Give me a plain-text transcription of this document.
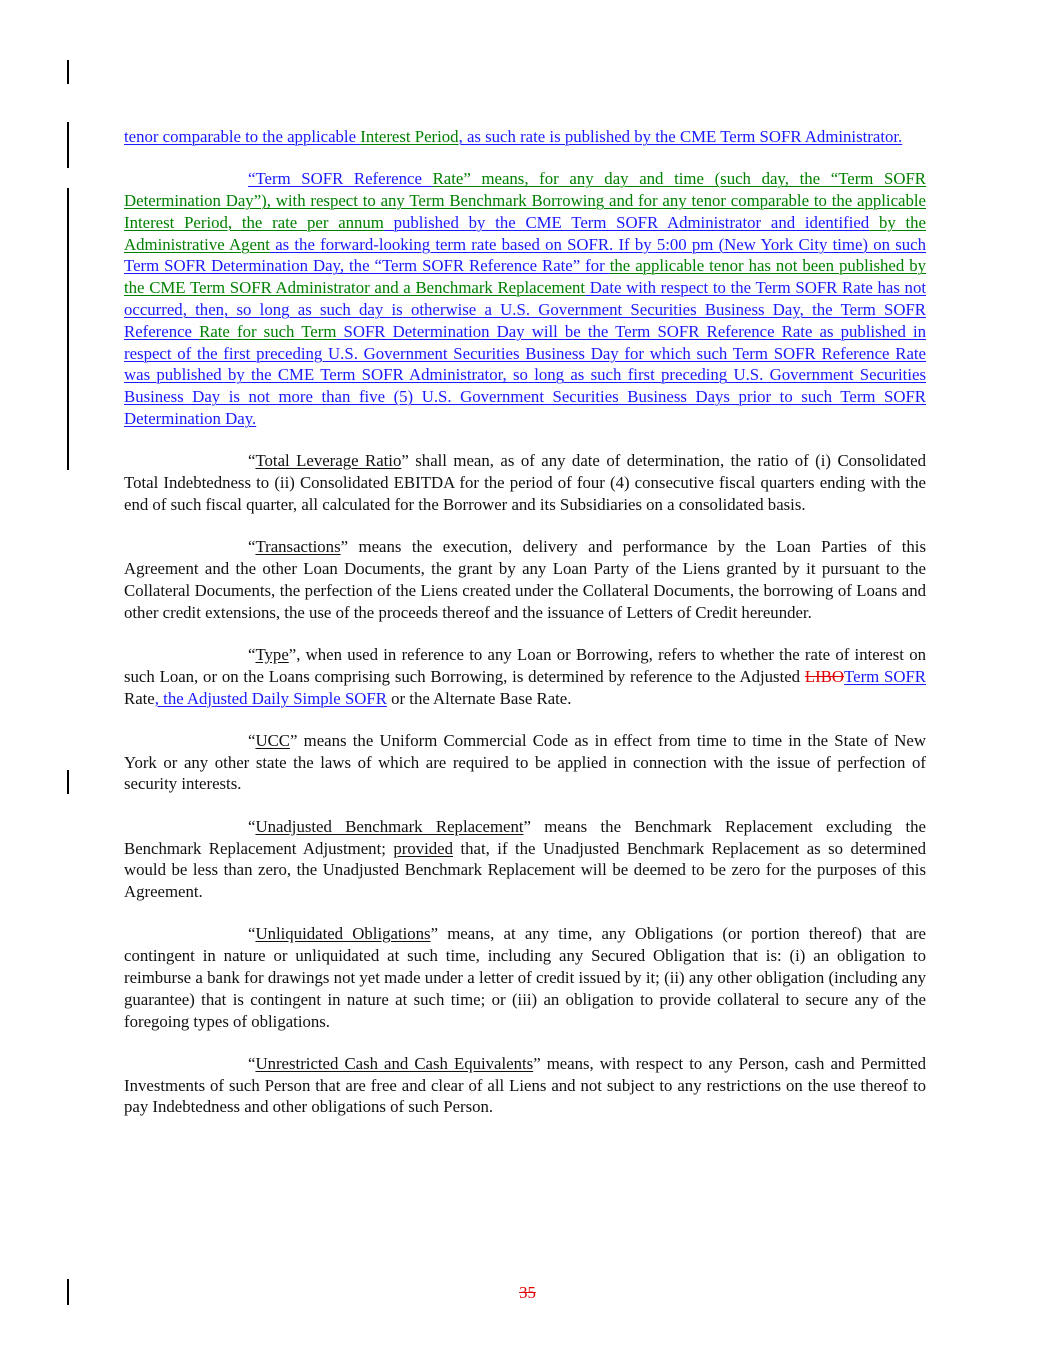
tenor comparable to the applicable Interest Period, as such rate is published by the CME Term SOFR Administrator.

“Term SOFR Reference Rate” means, for any day and time (such day, the “Term SOFR Determination Day”), with respect to any Term Benchmark Borrowing and for any tenor comparable to the applicable Interest Period, the rate per annum published by the CME Term SOFR Administrator and identified by the Administrative Agent as the forward-looking term rate based on SOFR. If by 5:00 pm (New York City time) on such Term SOFR Determination Day, the “Term SOFR Reference Rate” for the applicable tenor has not been published by the CME Term SOFR Administrator and a Benchmark Replacement Date with respect to the Term SOFR Rate has not occurred, then, so long as such day is otherwise a U.S. Government Securities Business Day, the Term SOFR Reference Rate for such Term SOFR Determination Day will be the Term SOFR Reference Rate as published in respect of the first preceding U.S. Government Securities Business Day for which such Term SOFR Reference Rate was published by the CME Term SOFR Administrator, so long as such first preceding U.S. Government Securities Business Day is not more than five (5) U.S. Government Securities Business Days prior to such Term SOFR Determination Day.

“Total Leverage Ratio” shall mean, as of any date of determination, the ratio of (i) Consolidated Total Indebtedness to (ii) Consolidated EBITDA for the period of four (4) consecutive fiscal quarters ending with the end of such fiscal quarter, all calculated for the Borrower and its Subsidiaries on a consolidated basis.

“Transactions” means the execution, delivery and performance by the Loan Parties of this Agreement and the other Loan Documents, the grant by any Loan Party of the Liens granted by it pursuant to the Collateral Documents, the perfection of the Liens created under the Collateral Documents, the borrowing of Loans and other credit extensions, the use of the proceeds thereof and the issuance of Letters of Credit hereunder.

“Type”, when used in reference to any Loan or Borrowing, refers to whether the rate of interest on such Loan, or on the Loans comprising such Borrowing, is determined by reference to the Adjusted LIBOTerm SOFR Rate, the Adjusted Daily Simple SOFR or the Alternate Base Rate.

“UCC” means the Uniform Commercial Code as in effect from time to time in the State of New York or any other state the laws of which are required to be applied in connection with the issue of perfection of security interests.

“Unadjusted Benchmark Replacement” means the Benchmark Replacement excluding the Benchmark Replacement Adjustment; provided that, if the Unadjusted Benchmark Replacement as so determined would be less than zero, the Unadjusted Benchmark Replacement will be deemed to be zero for the purposes of this Agreement.

“Unliquidated Obligations” means, at any time, any Obligations (or portion thereof) that are contingent in nature or unliquidated at such time, including any Secured Obligation that is: (i) an obligation to reimburse a bank for drawings not yet made under a letter of credit issued by it; (ii) any other obligation (including any guarantee) that is contingent in nature at such time; or (iii) an obligation to provide collateral to secure any of the foregoing types of obligations.

“Unrestricted Cash and Cash Equivalents” means, with respect to any Person, cash and Permitted Investments of such Person that are free and clear of all Liens and not subject to any restrictions on the use thereof to pay Indebtedness and other obligations of such Person.

35
